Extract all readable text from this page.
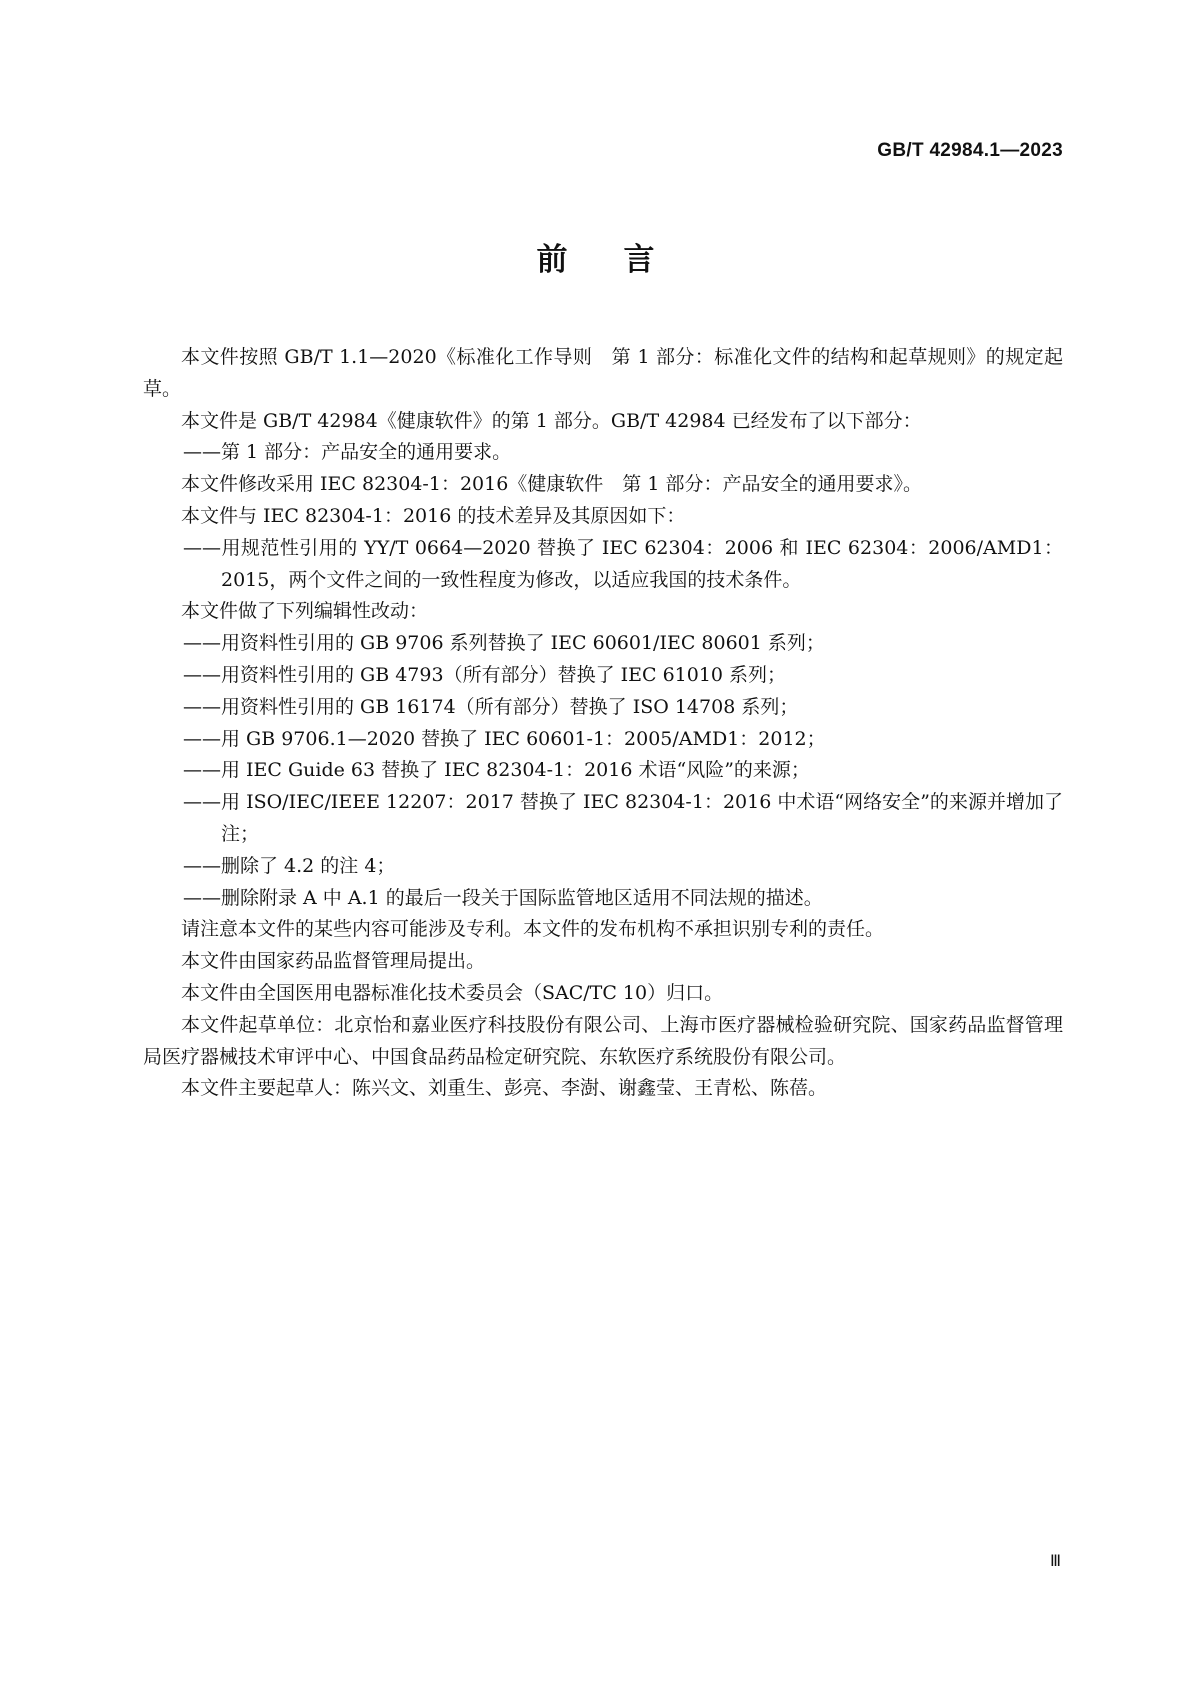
GB/T 42984.1—2023
前言

本文件按照 GB/T 1.1—2020《标准化工作导则　第 1 部分：标准化文件的结构和起草规则》的规定起草。

本文件是 GB/T 42984《健康软件》的第 1 部分。GB/T 42984 已经发布了以下部分：

——第 1 部分：产品安全的通用要求。

本文件修改采用 IEC 82304-1：2016《健康软件　第 1 部分：产品安全的通用要求》。

本文件与 IEC 82304-1：2016 的技术差异及其原因如下：

——用规范性引用的 YY/T 0664—2020 替换了 IEC 62304：2006 和 IEC 62304：2006/AMD1：2015，两个文件之间的一致性程度为修改，以适应我国的技术条件。

本文件做了下列编辑性改动：

——用资料性引用的 GB 9706 系列替换了 IEC 60601/IEC 80601 系列；

——用资料性引用的 GB 4793（所有部分）替换了 IEC 61010 系列；

——用资料性引用的 GB 16174（所有部分）替换了 ISO 14708 系列；

——用 GB 9706.1—2020 替换了 IEC 60601-1：2005/AMD1：2012；

——用 IEC Guide 63 替换了 IEC 82304-1：2016 术语“风险”的来源；

——用 ISO/IEC/IEEE 12207：2017 替换了 IEC 82304-1：2016 中术语“网络安全”的来源并增加了注；

——删除了 4.2 的注 4；

——删除附录 A 中 A.1 的最后一段关于国际监管地区适用不同法规的描述。

请注意本文件的某些内容可能涉及专利。本文件的发布机构不承担识别专利的责任。

本文件由国家药品监督管理局提出。

本文件由全国医用电器标准化技术委员会（SAC/TC 10）归口。

本文件起草单位：北京怡和嘉业医疗科技股份有限公司、上海市医疗器械检验研究院、国家药品监督管理局医疗器械技术审评中心、中国食品药品检定研究院、东软医疗系统股份有限公司。

本文件主要起草人：陈兴文、刘重生、彭亮、李澍、谢鑫莹、王青松、陈蓓。

Ⅲ
